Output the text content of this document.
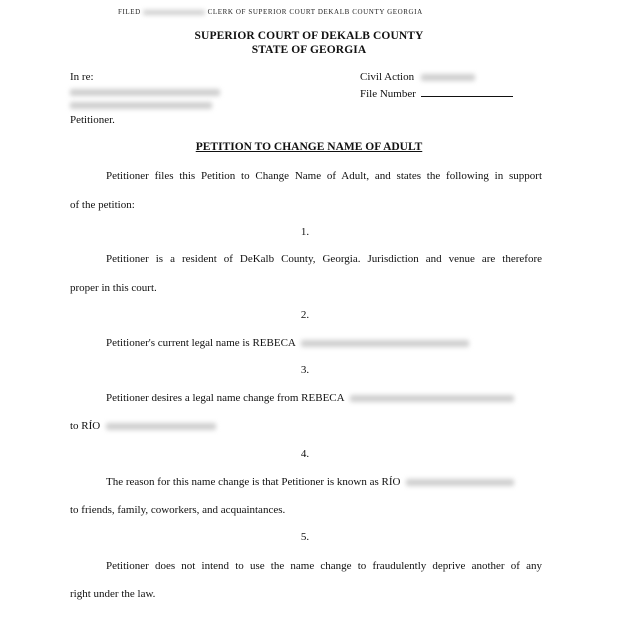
FILED	CLERK OF SUPERIOR COURT DEKALB COUNTY GEORGIA
SUPERIOR COURT OF DEKALB COUNTY
STATE OF GEORGIA
In re:
Petitioner.
Civil Action
File Number
PETITION TO CHANGE NAME OF ADULT
Petitioner files this Petition to Change Name of Adult, and states the following in support
of the petition:
1.
Petitioner is a resident of DeKalb County, Georgia. Jurisdiction and venue are therefore
proper in this court.
2.
Petitioner's current legal name is REBECA
3.
Petitioner desires a legal name change from REBECA
to RÍO
4.
The reason for this name change is that Petitioner is known as RÍO
to friends, family, coworkers, and acquaintances.
5.
Petitioner does not intend to use the name change to fraudulently deprive another of any
right under the law.
